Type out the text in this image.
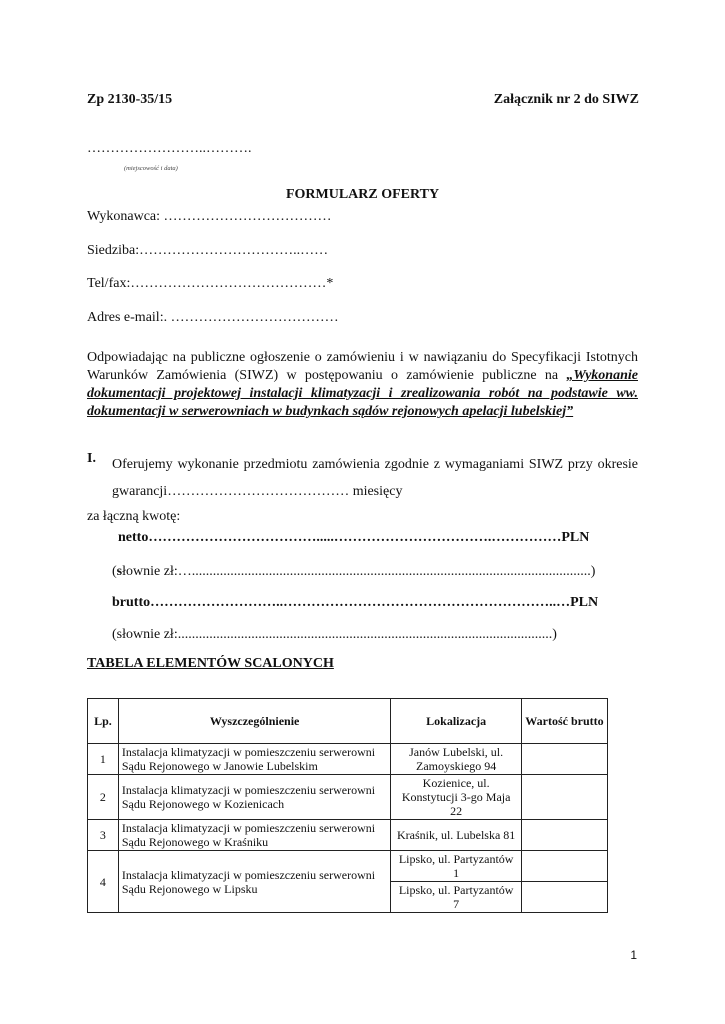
Zp 2130-35/15	Załącznik nr 2 do SIWZ
……………………..……….
(miejscowość i data)
FORMULARZ OFERTY
Wykonawca: ………………………………
Siedziba:……………………………..……
Tel/fax:……………………………………*
Adres e-mail:. ………………………………
Odpowiadając na publiczne ogłoszenie o zamówieniu i w nawiązaniu do Specyfikacji Istotnych Warunków Zamówienia (SIWZ) w postępowaniu o zamówienie publiczne na „Wykonanie dokumentacji projektowej instalacji klimatyzacji i zrealizowania robót na podstawie ww. dokumentacji w serwerowniach w budynkach sądów rejonowych apelacji lubelskiej”
I. Oferujemy wykonanie przedmiotu zamówienia zgodnie z wymaganiami SIWZ przy okresie gwarancji………………………………… miesięcy
za łączną kwotę:
netto……………………………….....…………………………….……………PLN
(słownie zł:…..................................................................................................................)
brutto………………………..…………………………………………………..…PLN
(słownie zł:...........................................................................................................)
TABELA ELEMENTÓW SCALONYCH
Lp.	Wyszczególnienie	Lokalizacja	Wartość brutto
1	Instalacja klimatyzacji w pomieszczeniu serwerowni Sądu Rejonowego w Janowie Lubelskim	Janów Lubelski, ul. Zamoyskiego 94	
2	Instalacja klimatyzacji w pomieszczeniu serwerowni Sądu Rejonowego w Kozienicach	Kozienice, ul. Konstytucji 3-go Maja 22	
3	Instalacja klimatyzacji w pomieszczeniu serwerowni Sądu Rejonowego w Kraśniku	Kraśnik, ul. Lubelska 81	
4	Instalacja klimatyzacji w pomieszczeniu serwerowni Sądu Rejonowego w Lipsku	Lipsko, ul. Partyzantów 1	
		Lipsko, ul. Partyzantów 7	
1
